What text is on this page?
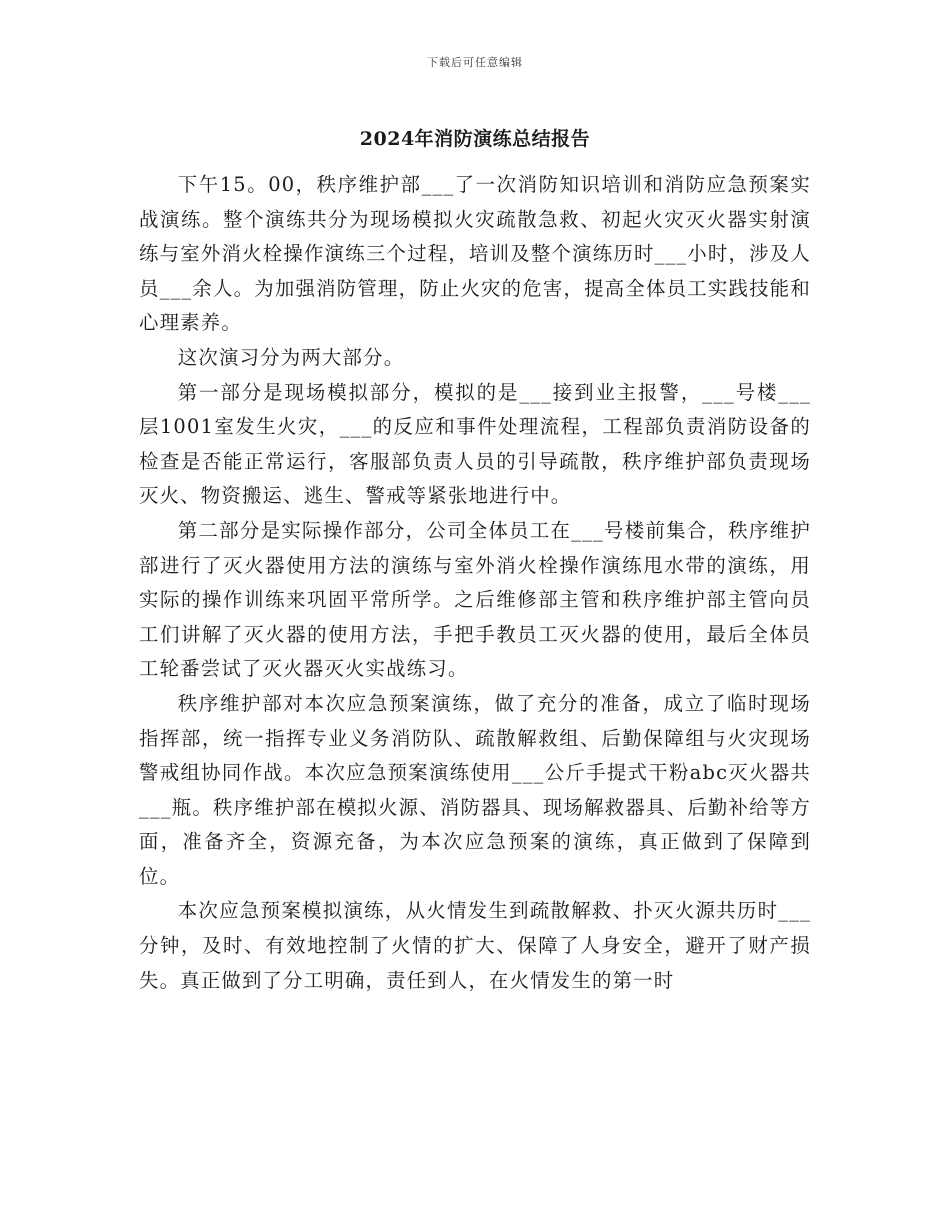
下载后可任意编辑
2024年消防演练总结报告

下午15。00，秩序维护部___了一次消防知识培训和消防应急预案实战演练。整个演练共分为现场模拟火灾疏散急救、初起火灾灭火器实射演练与室外消火栓操作演练三个过程，培训及整个演练历时___小时，涉及人员___余人。为加强消防管理，防止火灾的危害，提高全体员工实践技能和心理素养。

这次演习分为两大部分。

第一部分是现场模拟部分，模拟的是___接到业主报警，___号楼___层1001室发生火灾，___的反应和事件处理流程，工程部负责消防设备的检查是否能正常运行，客服部负责人员的引导疏散，秩序维护部负责现场灭火、物资搬运、逃生、警戒等紧张地进行中。

第二部分是实际操作部分，公司全体员工在___号楼前集合，秩序维护部进行了灭火器使用方法的演练与室外消火栓操作演练甩水带的演练，用实际的操作训练来巩固平常所学。之后维修部主管和秩序维护部主管向员工们讲解了灭火器的使用方法，手把手教员工灭火器的使用，最后全体员工轮番尝试了灭火器灭火实战练习。

秩序维护部对本次应急预案演练，做了充分的准备，成立了临时现场指挥部，统一指挥专业义务消防队、疏散解救组、后勤保障组与火灾现场警戒组协同作战。本次应急预案演练使用___公斤手提式干粉abc灭火器共___瓶。秩序维护部在模拟火源、消防器具、现场解救器具、后勤补给等方面，准备齐全，资源充备，为本次应急预案的演练，真正做到了保障到位。

本次应急预案模拟演练，从火情发生到疏散解救、扑灭火源共历时___分钟，及时、有效地控制了火情的扩大、保障了人身安全，避开了财产损失。真正做到了分工明确，责任到人，在火情发生的第一时
